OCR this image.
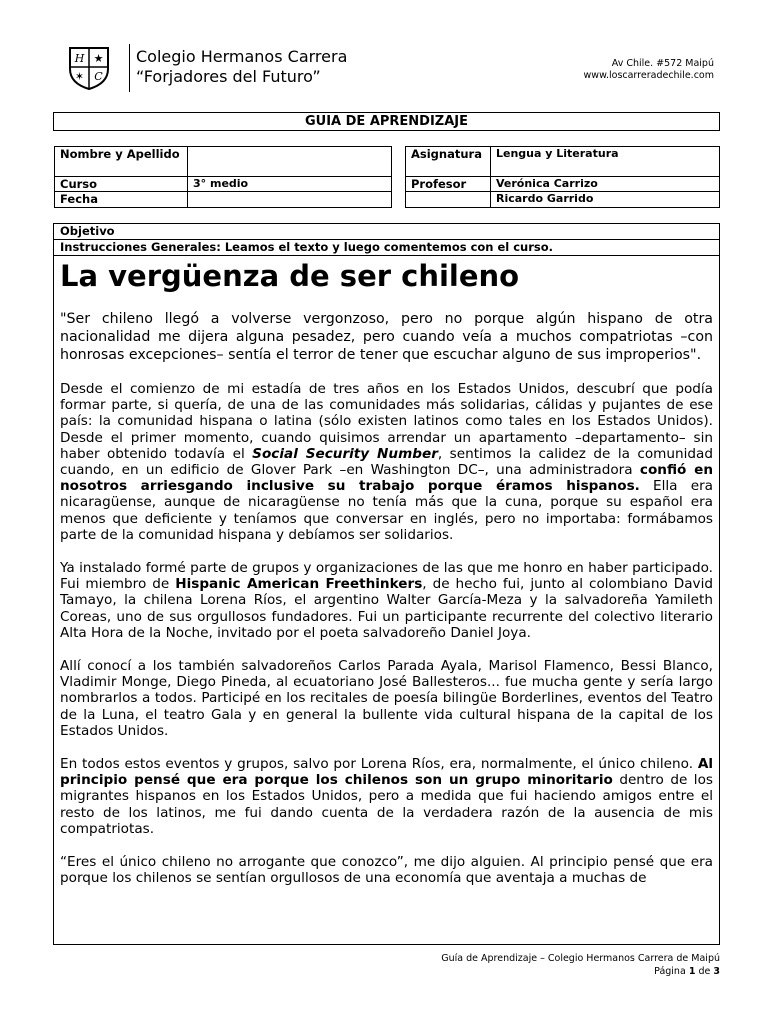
H ★
✶ C
Colegio Hermanos Carrera
“Forjadores del Futuro”
Av Chile. #572 Maipú
www.loscarreradechile.com
GUIA DE APRENDIZAJE
Nombre y Apellido	
Curso	3° medio
Fecha	
Asignatura	Lengua y Literatura
Profesor	Verónica Carrizo
	Ricardo Garrido
Objetivo
Instrucciones Generales: Leamos el texto y luego comentemos con el curso.
La vergüenza de ser chileno

"Ser chileno llegó a volverse vergonzoso, pero no porque algún hispano de otra nacionalidad me dijera alguna pesadez, pero cuando veía a muchos compatriotas –con honrosas excepciones– sentía el terror de tener que escuchar alguno de sus improperios".

Desde el comienzo de mi estadía de tres años en los Estados Unidos, descubrí que podía formar parte, si quería, de una de las comunidades más solidarias, cálidas y pujantes de ese país: la comunidad hispana o latina (sólo existen latinos como tales en los Estados Unidos). Desde el primer momento, cuando quisimos arrendar un apartamento –departamento– sin haber obtenido todavía el Social Security Number, sentimos la calidez de la comunidad cuando, en un edificio de Glover Park –en Washington DC–, una administradora confió en nosotros arriesgando inclusive su trabajo porque éramos hispanos. Ella era nicaragüense, aunque de nicaragüense no tenía más que la cuna, porque su español era menos que deficiente y teníamos que conversar en inglés, pero no importaba: formábamos parte de la comunidad hispana y debíamos ser solidarios.

Ya instalado formé parte de grupos y organizaciones de las que me honro en haber participado. Fui miembro de Hispanic American Freethinkers, de hecho fui, junto al colombiano David Tamayo, la chilena Lorena Ríos, el argentino Walter García-Meza y la salvadoreña Yamileth Coreas, uno de sus orgullosos fundadores. Fui un participante recurrente del colectivo literario Alta Hora de la Noche, invitado por el poeta salvadoreño Daniel Joya.

Allí conocí a los también salvadoreños Carlos Parada Ayala, Marisol Flamenco, Bessi Blanco, Vladimir Monge, Diego Pineda, al ecuatoriano José Ballesteros... fue mucha gente y sería largo nombrarlos a todos. Participé en los recitales de poesía bilingüe Borderlines, eventos del Teatro de la Luna, el teatro Gala y en general la bullente vida cultural hispana de la capital de los Estados Unidos.

En todos estos eventos y grupos, salvo por Lorena Ríos, era, normalmente, el único chileno. Al principio pensé que era porque los chilenos son un grupo minoritario dentro de los migrantes hispanos en los Estados Unidos, pero a medida que fui haciendo amigos entre el resto de los latinos, me fui dando cuenta de la verdadera razón de la ausencia de mis compatriotas.

“Eres el único chileno no arrogante que conozco”, me dijo alguien. Al principio pensé que era porque los chilenos se sentían orgullosos de una economía que aventaja a muchas de

Guía de Aprendizaje – Colegio Hermanos Carrera de Maipú
Página 1 de 3
